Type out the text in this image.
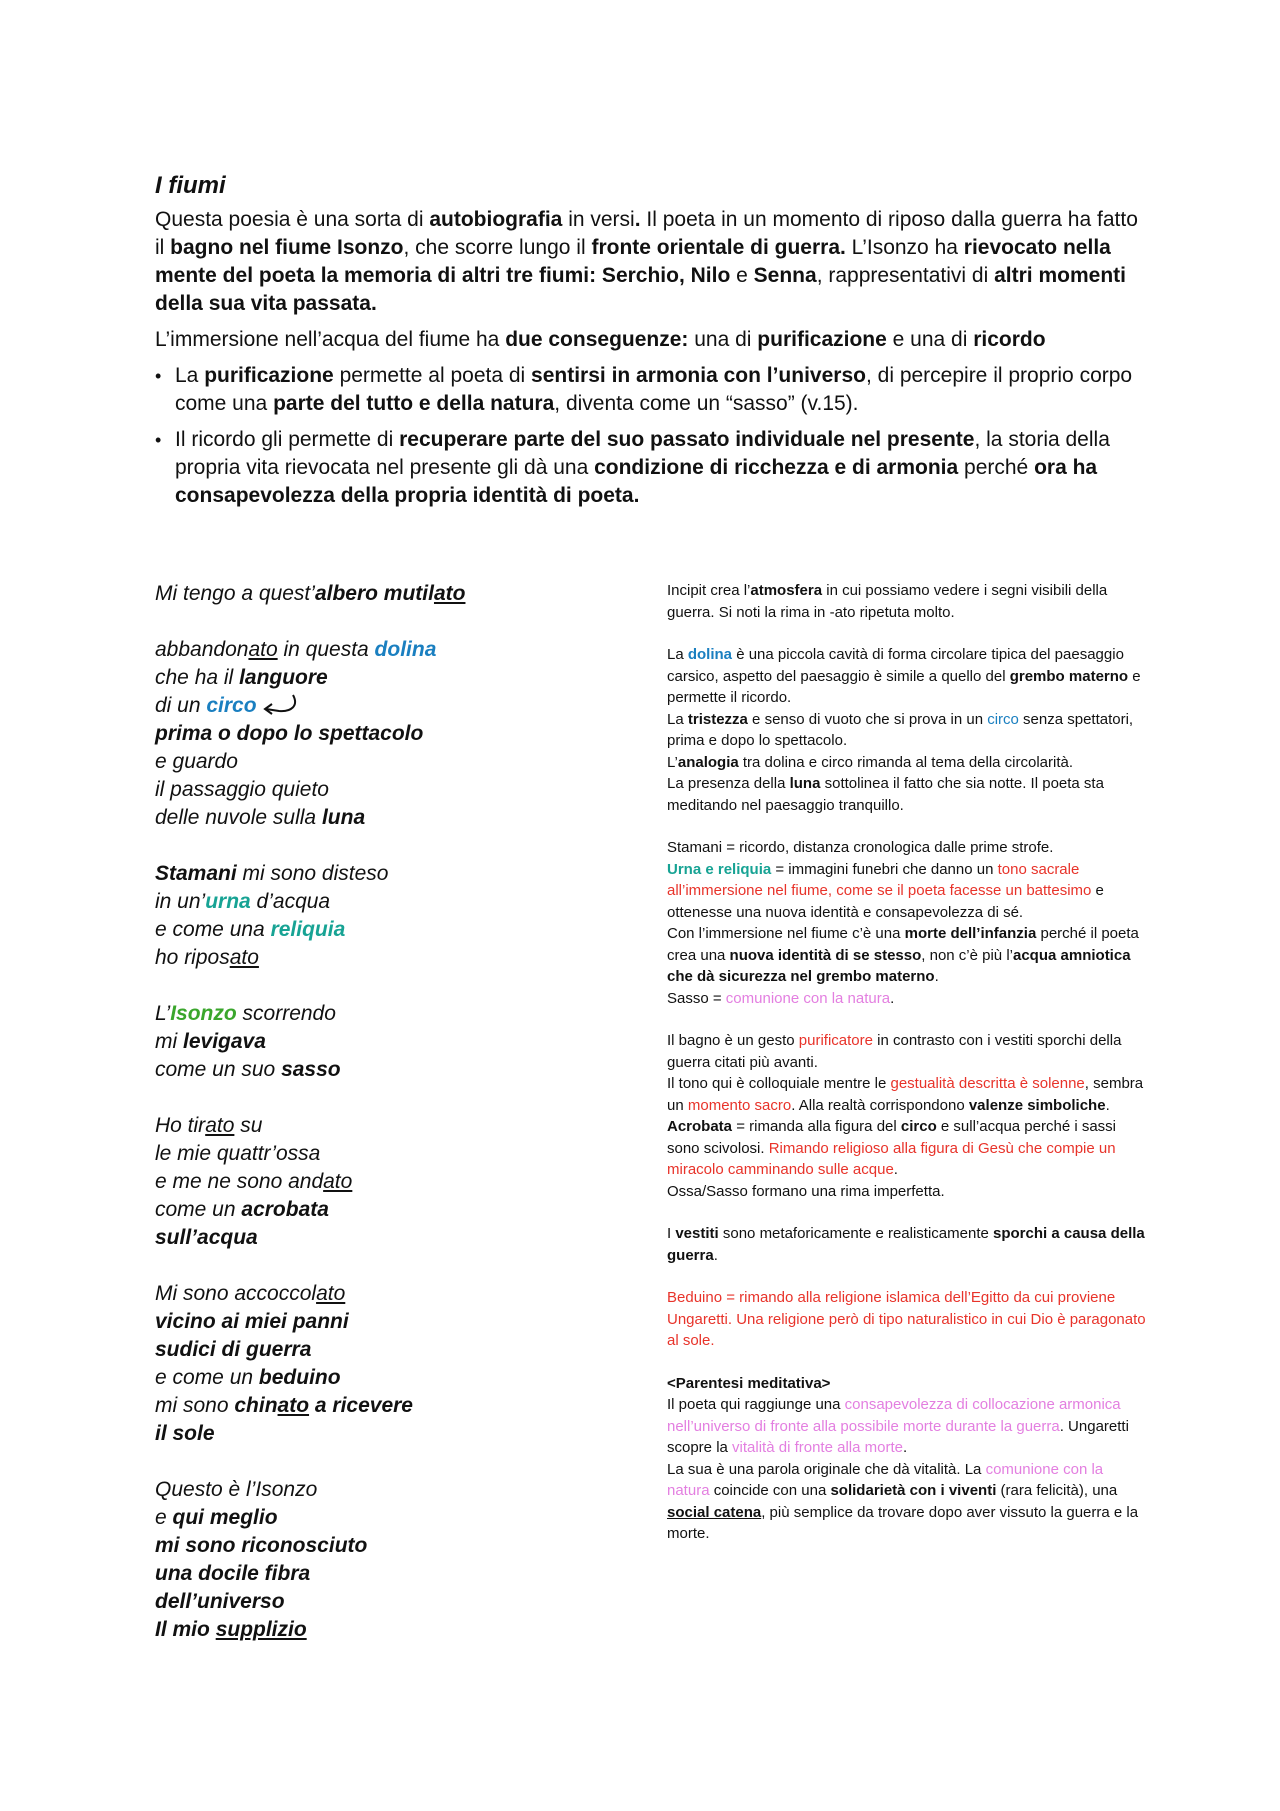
I fiumi

Questa poesia è una sorta di autobiografia in versi. Il poeta in un momento di riposo dalla guerra ha fatto il bagno nel fiume Isonzo, che scorre lungo il fronte orientale di guerra. L’Isonzo ha rievocato nella mente del poeta la memoria di altri tre fiumi: Serchio, Nilo e Senna, rappresentativi di altri momenti della sua vita passata.

L’immersione nell’acqua del fiume ha due conseguenze: una di purificazione e una di ricordo

• La purificazione permette al poeta di sentirsi in armonia con l’universo, di percepire il proprio corpo come una parte del tutto e della natura, diventa come un “sasso” (v.15).
• Il ricordo gli permette di recuperare parte del suo passato individuale nel presente, la storia della propria vita rievocata nel presente gli dà una condizione di ricchezza e di armonia perché ora ha consapevolezza della propria identità di poeta.
Mi tengo a quest’albero mutilato
abbandonato in questa dolina
che ha il languore
di un circo
prima o dopo lo spettacolo
e guardo
il passaggio quieto
delle nuvole sulla luna
Stamani mi sono disteso
in un’urna d’acqua
e come una reliquia
ho riposato
L’Isonzo scorrendo
mi levigava
come un suo sasso
Ho tirato su
le mie quattr’ossa
e me ne sono andato
come un acrobata
sull’acqua
Mi sono accoccolato
vicino ai miei panni
sudici di guerra
e come un beduino
mi sono chinato a ricevere
il sole
Questo è l’Isonzo
e qui meglio
mi sono riconosciuto
una docile fibra
dell’universo
Il mio supplizio
Incipit crea l’atmosfera in cui possiamo vedere i segni visibili della guerra. Si noti la rima in -ato ripetuta molto.
La dolina è una piccola cavità di forma circolare tipica del paesaggio carsico, aspetto del paesaggio è simile a quello del grembo materno e permette il ricordo.
La tristezza e senso di vuoto che si prova in un circo senza spettatori, prima e dopo lo spettacolo.
L’analogia tra dolina e circo rimanda al tema della circolarità.
La presenza della luna sottolinea il fatto che sia notte. Il poeta sta meditando nel paesaggio tranquillo.
Stamani = ricordo, distanza cronologica dalle prime strofe.
Urna e reliquia = immagini funebri che danno un tono sacrale all’immersione nel fiume, come se il poeta facesse un battesimo e ottenesse una nuova identità e consapevolezza di sé.
Con l’immersione nel fiume c’è una morte dell’infanzia perché il poeta crea una nuova identità di se stesso, non c’è più l’acqua amniotica che dà sicurezza nel grembo materno.
Sasso = comunione con la natura.
Il bagno è un gesto purificatore in contrasto con i vestiti sporchi della guerra citati più avanti.
Il tono qui è colloquiale mentre le gestualità descritta è solenne, sembra un momento sacro. Alla realtà corrispondono valenze simboliche.
Acrobata = rimanda alla figura del circo e sull’acqua perché i sassi sono scivolosi. Rimando religioso alla figura di Gesù che compie un miracolo camminando sulle acque.
Ossa/Sasso formano una rima imperfetta.
I vestiti sono metaforicamente e realisticamente sporchi a causa della guerra.
Beduino = rimando alla religione islamica dell’Egitto da cui proviene Ungaretti. Una religione però di tipo naturalistico in cui Dio è paragonato al sole.
<Parentesi meditativa>
Il poeta qui raggiunge una consapevolezza di collocazione armonica nell’universo di fronte alla possibile morte durante la guerra. Ungaretti scopre la vitalità di fronte alla morte.
La sua è una parola originale che dà vitalità. La comunione con la natura coincide con una solidarietà con i viventi (rara felicità), una social catena, più semplice da trovare dopo aver vissuto la guerra e la morte.
